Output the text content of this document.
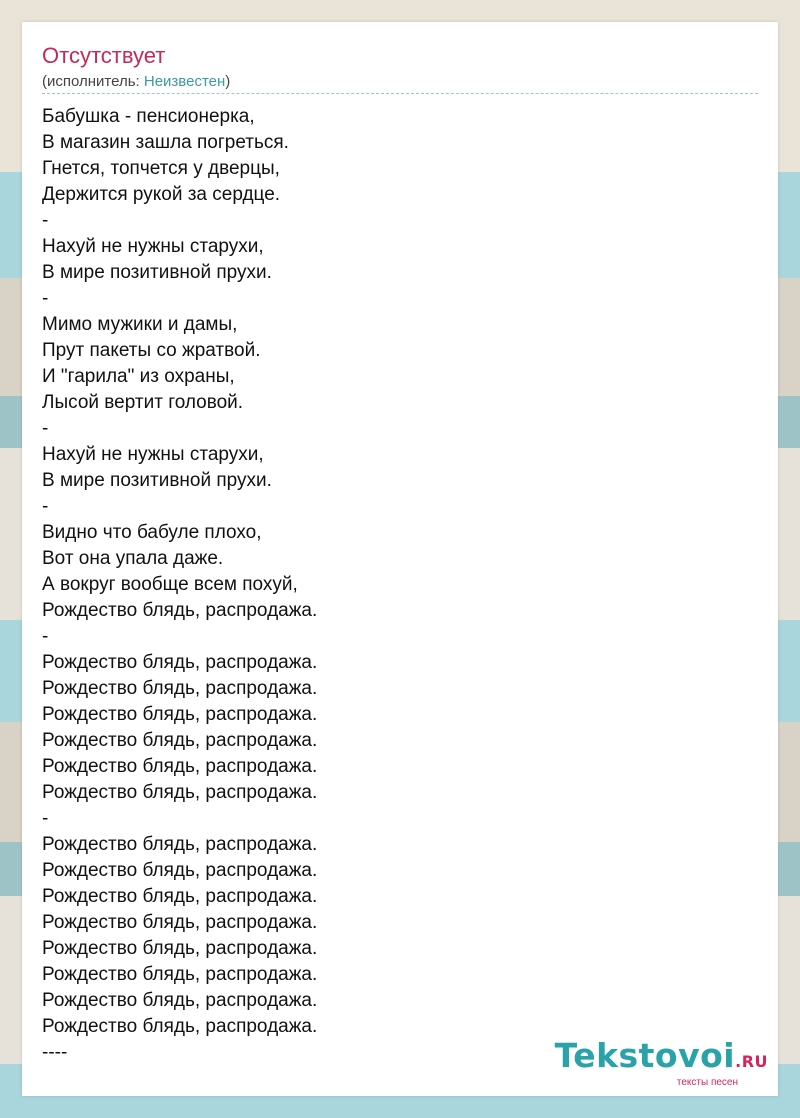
Отсутствует
(исполнитель: Неизвестен)
Бабушка - пенсионерка,
В магазин зашла погреться.
Гнется, топчется у дверцы,
Держится рукой за сердце.
-
Нахуй не нужны старухи,
В мире позитивной прухи.
-
Мимо мужики и дамы,
Прут пакеты со жратвой.
И "гарила" из охраны,
Лысой вертит головой.
-
Нахуй не нужны старухи,
В мире позитивной прухи.
-
Видно что бабуле плохо,
Вот она упала даже.
А вокруг вообще всем похуй,
Рождество блядь, распродажа.
-
Рождество блядь, распродажа.
Рождество блядь, распродажа.
Рождество блядь, распродажа.
Рождество блядь, распродажа.
Рождество блядь, распродажа.
Рождество блядь, распродажа.
-
Рождество блядь, распродажа.
Рождество блядь, распродажа.
Рождество блядь, распродажа.
Рождество блядь, распродажа.
Рождество блядь, распродажа.
Рождество блядь, распродажа.
Рождество блядь, распродажа.
Рождество блядь, распродажа.
----	Tekstovoi.RU
тексты песен
